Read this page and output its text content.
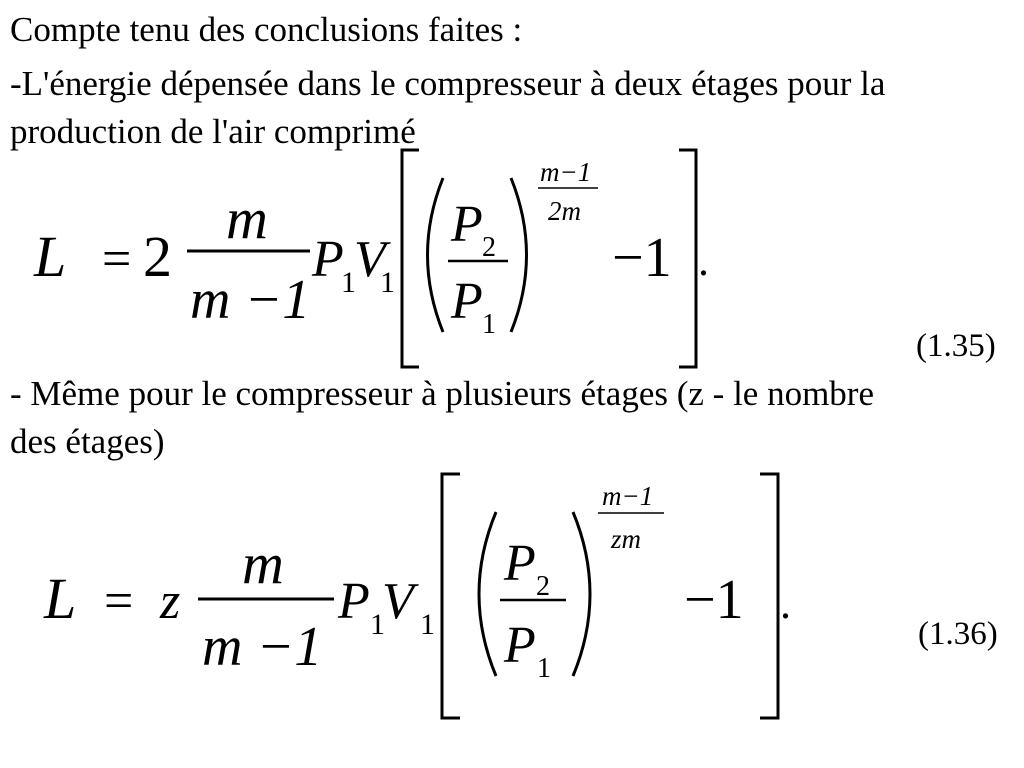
Compte tenu des conclusions faites :
-L'énergie dépensée dans le compresseur à deux étages pour la
production de l'air comprimé
- Même pour le compresseur à plusieurs étages (z - le nombre
des étages)
(1.35)
(1.36)
L = 2
m
m −1
P
1
V
1
P 2
P 1
m−1
2m
−1 .
L = z
m
m −1
P 1
V 1
P 2
P 1
m−1
zm
−1 .
